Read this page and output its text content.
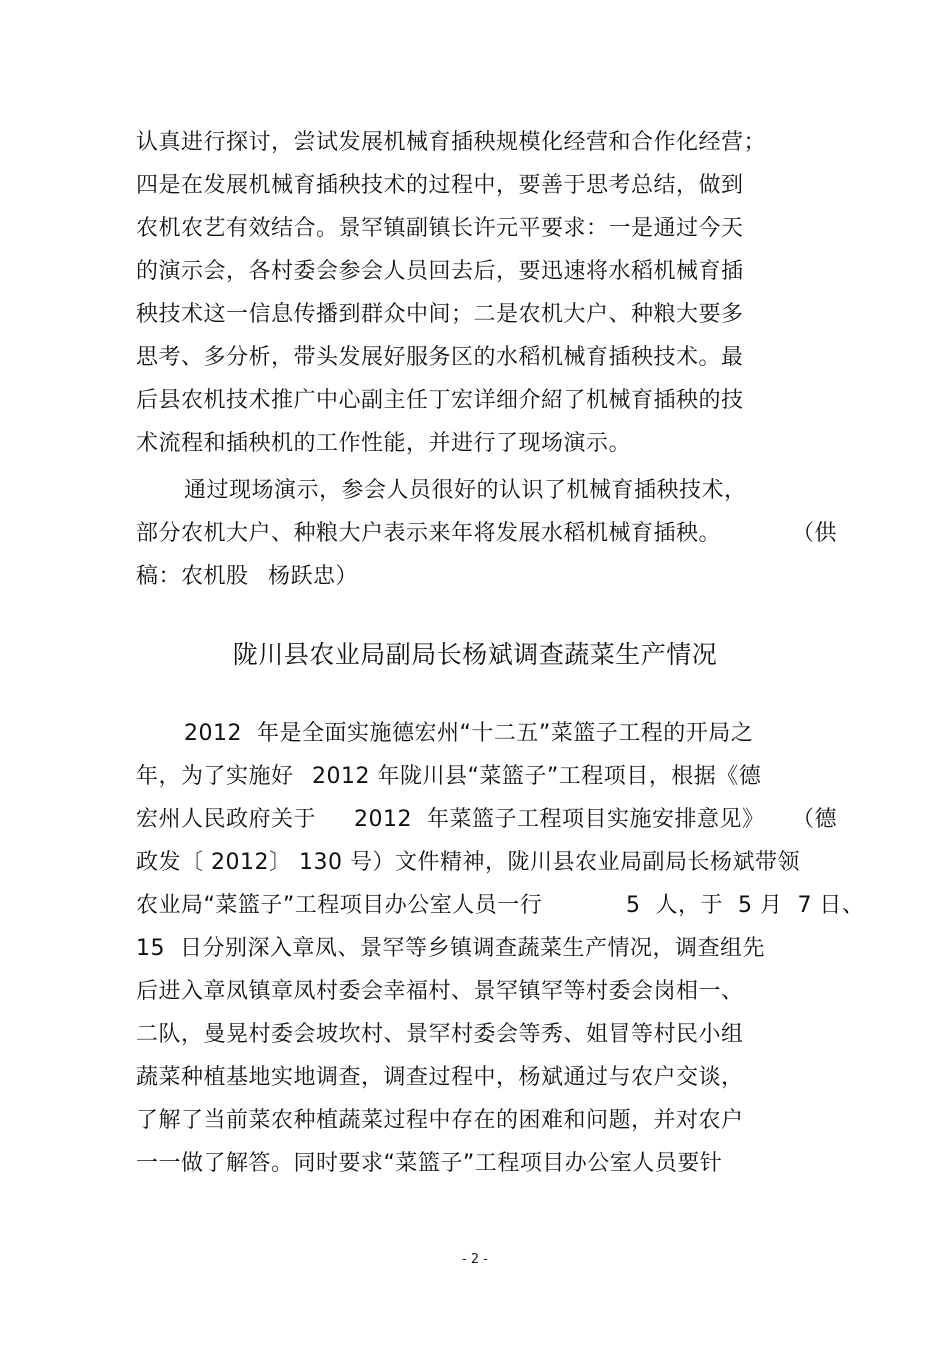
认真进行探讨，尝试发展机械育插秧规模化经营和合作化经营；
四是在发展机械育插秧技术的过程中，要善于思考总结，做到
农机农艺有效结合。景罕镇副镇长许元平要求：一是通过今天
的演示会，各村委会参会人员回去后，要迅速将水稻机械育插
秧技术这一信息传播到群众中间；二是农机大户、种粮大要多
思考、多分析，带头发展好服务区的水稻机械育插秧技术。最
后县农机技术推广中心副主任丁宏详细介紹了机械育插秧的技
术流程和插秧机的工作性能，并进行了现场演示。
通过现场演示，参会人员很好的认识了机械育插秧技术，
部分农机大户、种粮大户表示来年将发展水稻机械育插秧。	（供
稿：农机股 杨跃忠）
陇川县农业局副局长杨斌调查蔬菜生产情况
2012  年是全面实施德宏州“十二五”菜篮子工程的开局之
年，为了实施好 2012 年陇川县“菜篮子”工程项目，根据《德
宏州人民政府关于 2012  年菜篮子工程项目实施安排意见》 （德
政发〔 2012〕 130 号）文件精神，陇川县农业局副局长杨斌带领
农业局“菜篮子”工程项目办公室人员一行	5  人，于  5 月  7 日、
15  日分别深入章凤、景罕等乡镇调查蔬菜生产情况，调查组先
后进入章凤镇章凤村委会幸福村、景罕镇罕等村委会岗相一、
二队，曼晃村委会坡坎村、景罕村委会等秀、姐冒等村民小组
蔬菜种植基地实地调查，调查过程中，杨斌通过与农户交谈，
了解了当前菜农种植蔬菜过程中存在的困难和问题，并对农户
一一做了解答。同时要求“菜篮子”工程项目办公室人员要针
- 2 -
